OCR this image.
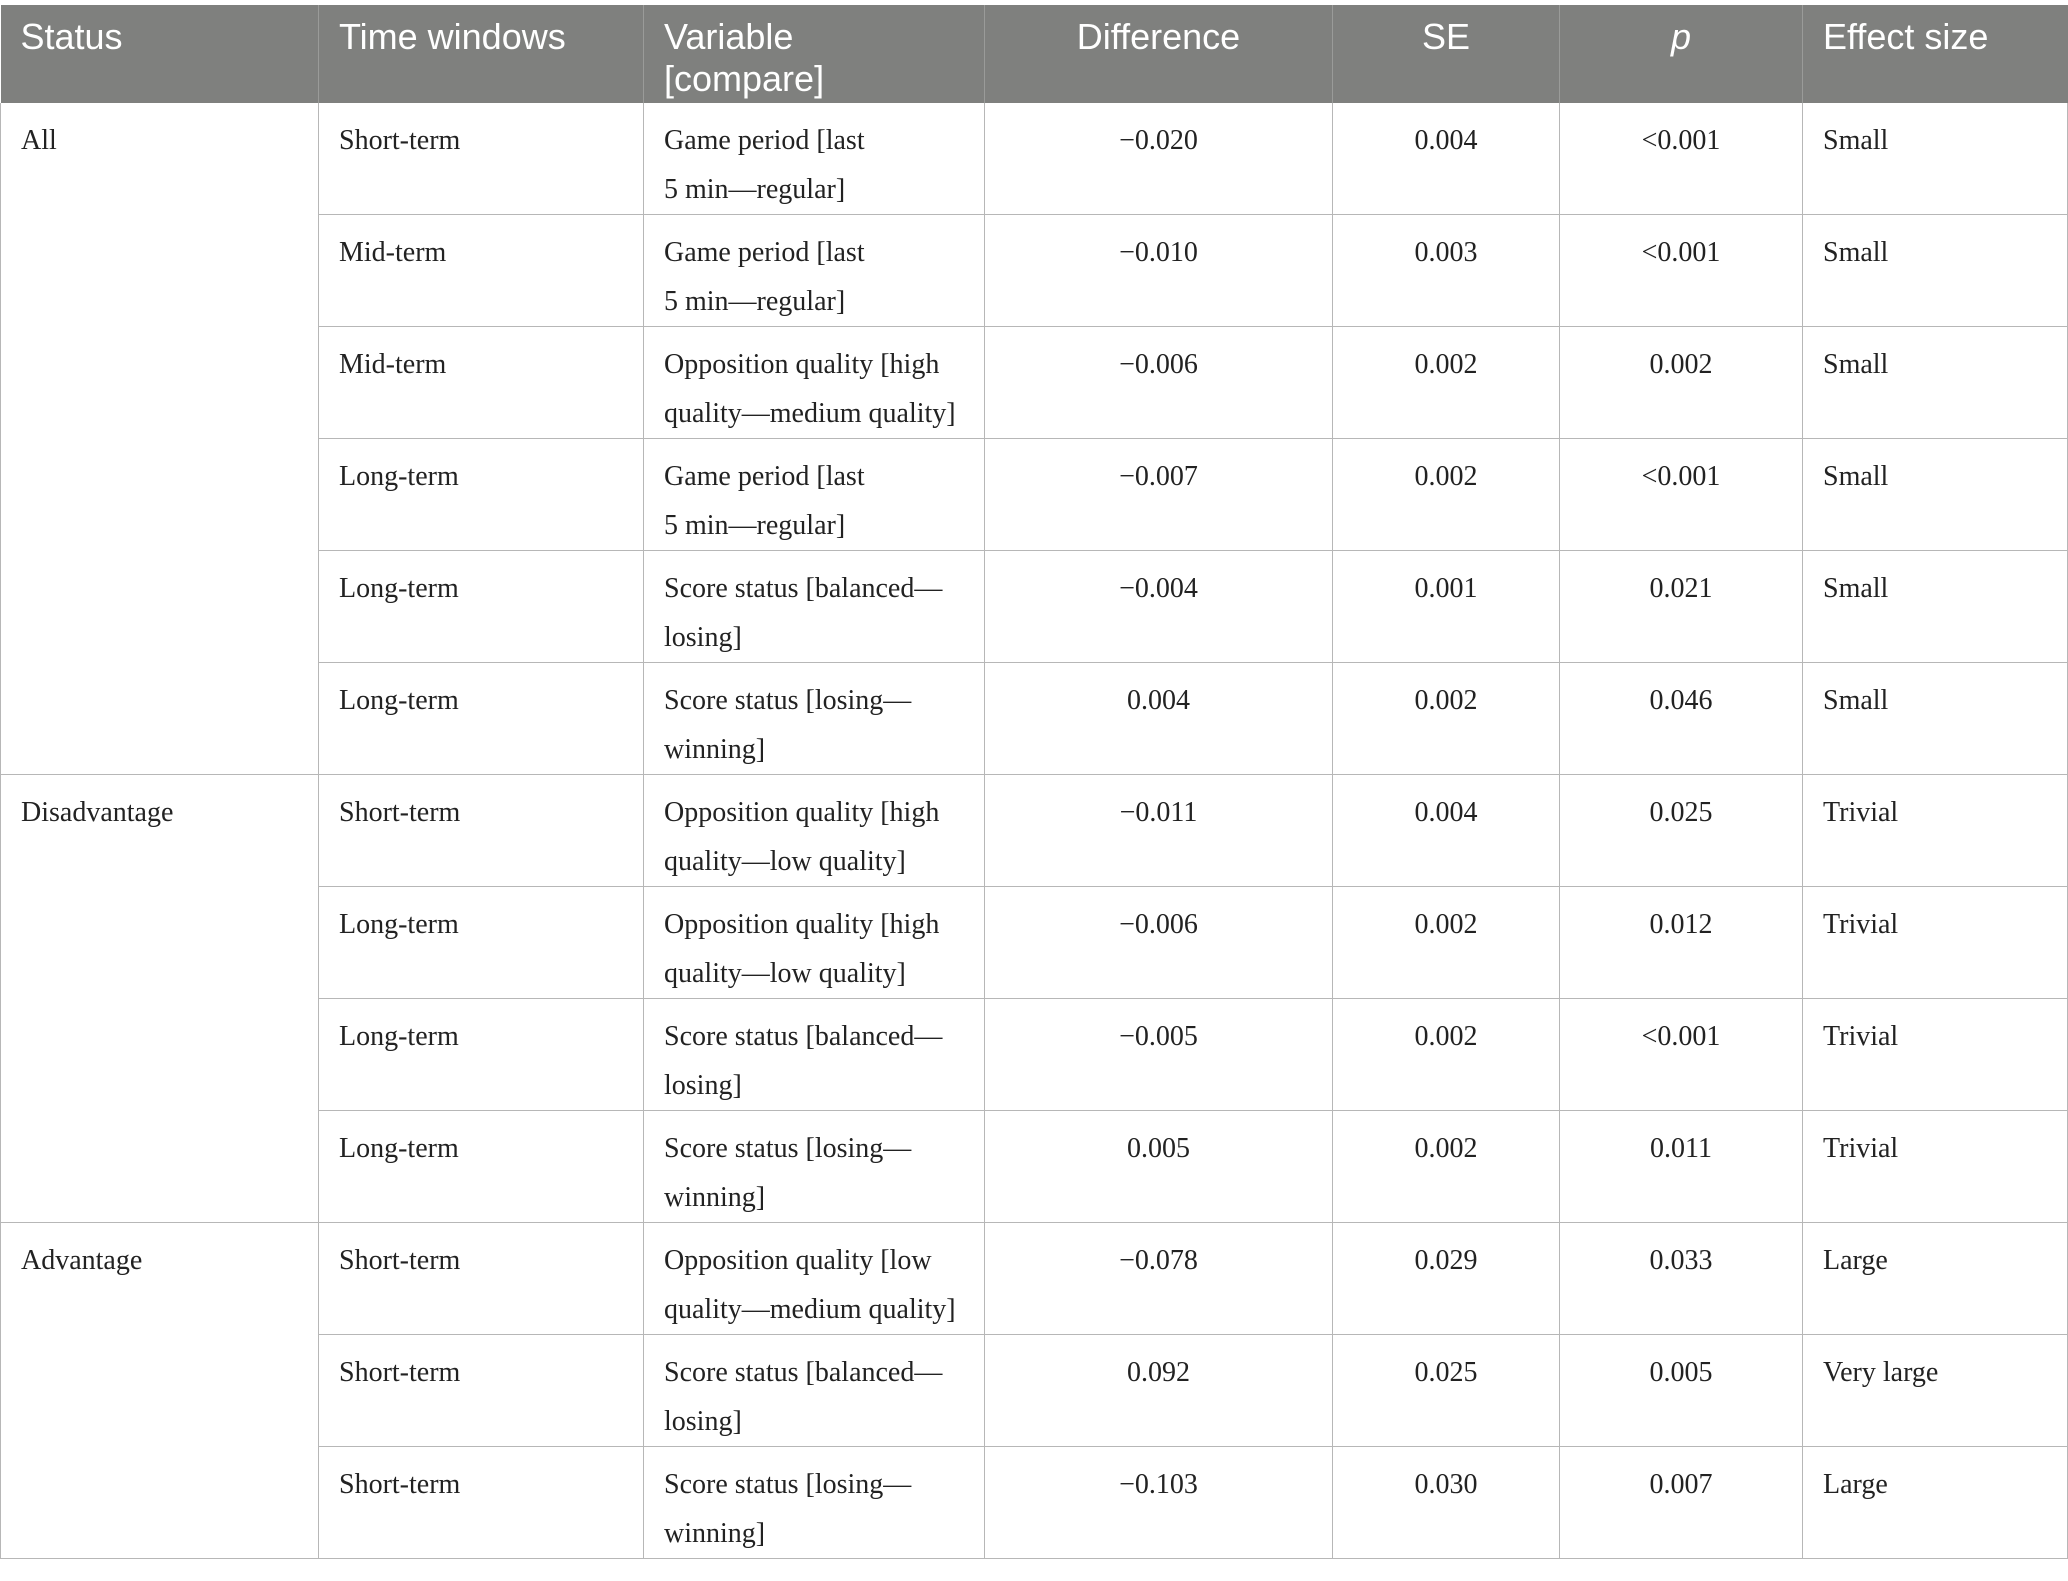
Status	Time windows	Variable
[compare]	Difference	SE	p	Effect size
All	Short-term	Game period [last
5 min—regular]	−0.020	0.004	<0.001	Small
	Mid-term	Game period [last
5 min—regular]	−0.010	0.003	<0.001	Small
	Mid-term	Opposition quality [high
quality—medium quality]	−0.006	0.002	0.002	Small
	Long-term	Game period [last
5 min—regular]	−0.007	0.002	<0.001	Small
	Long-term	Score status [balanced—
losing]	−0.004	0.001	0.021	Small
	Long-term	Score status [losing—
winning]	0.004	0.002	0.046	Small
Disadvantage	Short-term	Opposition quality [high
quality—low quality]	−0.011	0.004	0.025	Trivial
	Long-term	Opposition quality [high
quality—low quality]	−0.006	0.002	0.012	Trivial
	Long-term	Score status [balanced—
losing]	−0.005	0.002	<0.001	Trivial
	Long-term	Score status [losing—
winning]	0.005	0.002	0.011	Trivial
Advantage	Short-term	Opposition quality [low
quality—medium quality]	−0.078	0.029	0.033	Large
	Short-term	Score status [balanced—
losing]	0.092	0.025	0.005	Very large
	Short-term	Score status [losing—
winning]	−0.103	0.030	0.007	Large
